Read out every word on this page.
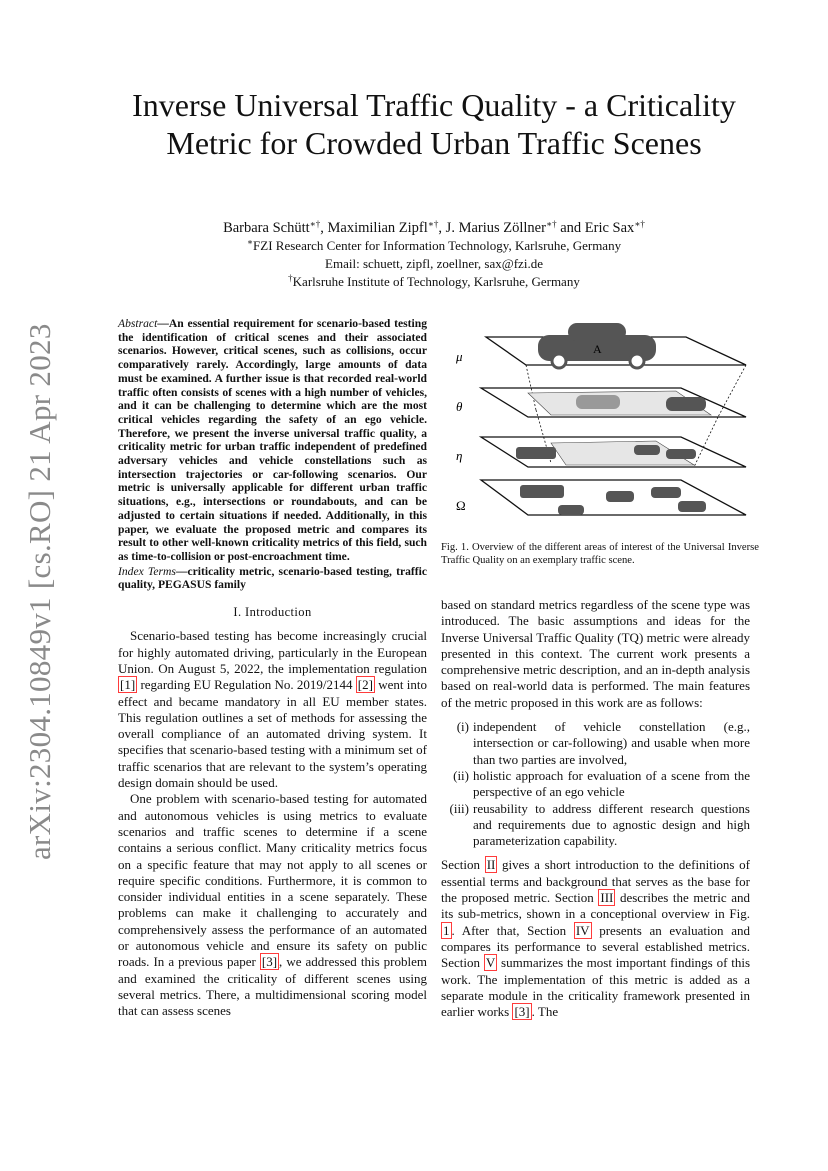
arXiv:2304.10849v1 [cs.RO] 21 Apr 2023
Inverse Universal Traffic Quality - a Criticality Metric for Crowded Urban Traffic Scenes

Barbara Schütt∗†, Maximilian Zipfl∗†, J. Marius Zöllner∗† and Eric Sax∗†

∗FZI Research Center for Information Technology, Karlsruhe, Germany

Email: schuett, zipfl, zoellner, sax@fzi.de

†Karlsruhe Institute of Technology, Karlsruhe, Germany

Abstract—An essential requirement for scenario-based testing the identification of critical scenes and their associated scenarios. However, critical scenes, such as collisions, occur comparatively rarely. Accordingly, large amounts of data must be examined. A further issue is that recorded real-world traffic often consists of scenes with a high number of vehicles, and it can be challenging to determine which are the most critical vehicles regarding the safety of an ego vehicle. Therefore, we present the inverse universal traffic quality, a criticality metric for urban traffic independent of predefined adversary vehicles and vehicle constellations such as intersection trajectories or car-following scenarios. Our metric is universally applicable for different urban traffic situations, e.g., intersections or roundabouts, and can be adjusted to certain situations if needed. Additionally, in this paper, we evaluate the proposed metric and compares its result to other well-known criticality metrics of this field, such as time-to-collision or post-encroachment time.

Index Terms—criticality metric, scenario-based testing, traffic quality, PEGASUS family

I. Introduction

Scenario-based testing has become increasingly crucial for highly automated driving, particularly in the European Union. On August 5, 2022, the implementation regulation [1] regarding EU Regulation No. 2019/2144 [2] went into effect and became mandatory in all EU member states. This regulation outlines a set of methods for assessing the overall compliance of an automated driving system. It specifies that scenario-based testing with a minimum set of traffic scenarios that are relevant to the system’s operating design domain should be used.

One problem with scenario-based testing for automated and autonomous vehicles is using metrics to evaluate scenarios and traffic scenes to determine if a scene contains a serious conflict. Many criticality metrics focus on a specific feature that may not apply to all scenes or require specific conditions. Furthermore, it is common to consider individual entities in a scene separately. These problems can make it challenging to accurately and comprehensively assess the performance of an automated or autonomous vehicle and ensure its safety on public roads. In a previous paper [3] , we addressed this problem and examined the criticality of different scenes using several metrics. There, a multidimensional scoring model that can assess scenes

μ
θ
η
Ω
A
Fig. 1. Overview of the different areas of interest of the Universal Inverse Traffic Quality on an exemplary traffic scene.

based on standard metrics regardless of the scene type was introduced. The basic assumptions and ideas for the Inverse Universal Traffic Quality (TQ) metric were already presented in this context. The current work presents a comprehensive metric description, and an in-depth analysis based on real-world data is performed. The main features of the metric proposed in this work are as follows:

(i) independent of vehicle constellation (e.g., intersection or car-following) and usable when more than two parties are involved,
(ii) holistic approach for evaluation of a scene from the perspective of an ego vehicle
(iii) reusability to address different research questions and requirements due to agnostic design and high parameterization capability.

Section II gives a short introduction to the definitions of essential terms and background that serves as the base for the proposed metric. Section III describes the metric and its sub-metrics, shown in a conceptional overview in Fig. 1 . After that, Section IV presents an evaluation and compares its performance to several established metrics. Section V summarizes the most important findings of this work. The implementation of this metric is added as a separate module in the criticality framework presented in earlier works [3] . The
